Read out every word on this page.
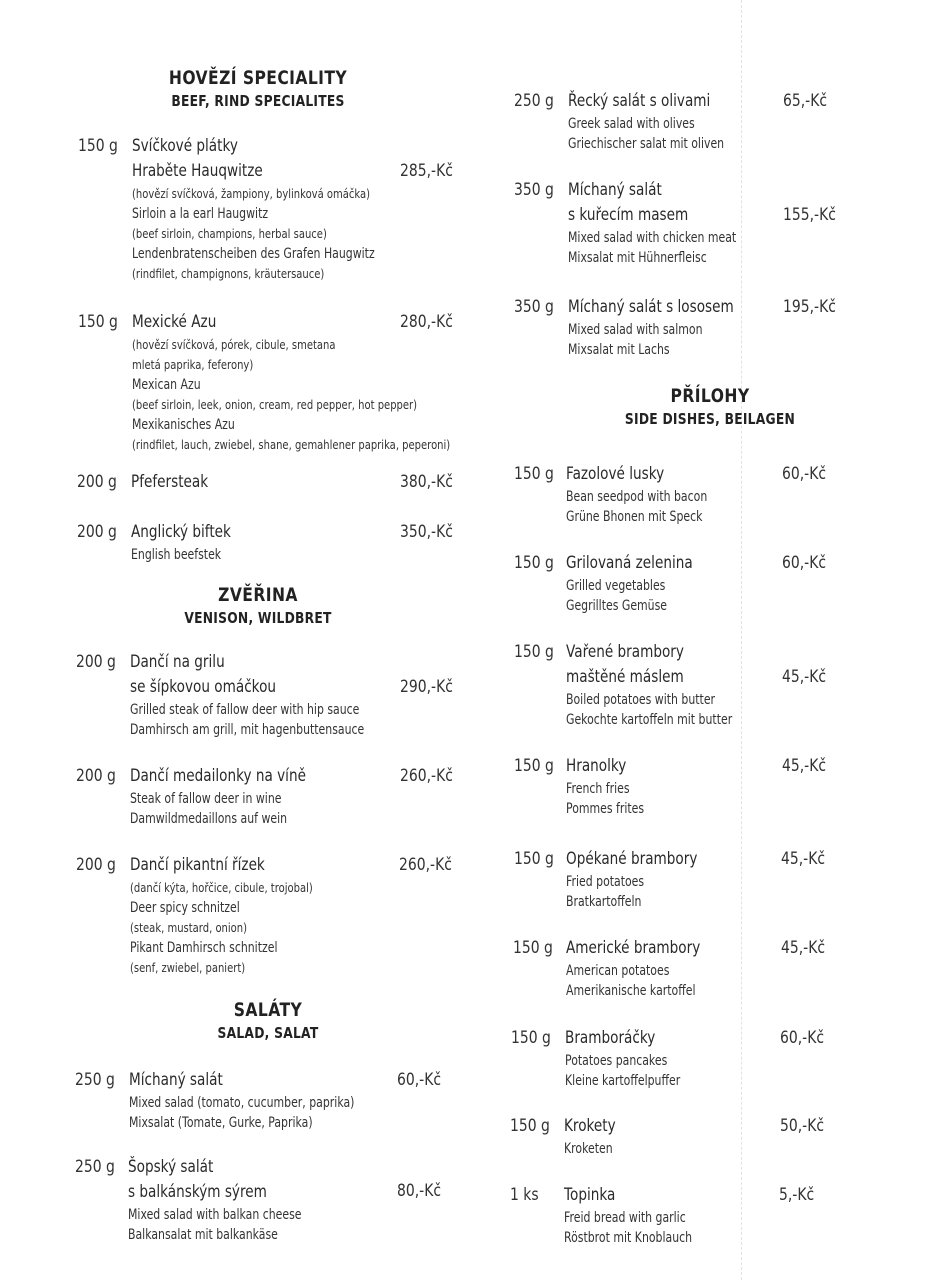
HOVĚZÍ SPECIALITY
BEEF, RIND SPECIALITES
150 g Svíčkové plátky
Hraběte Hauqwitze
(hovězí svíčková, žampiony, bylinková omáčka)
Sirloin a la earl Haugwitz
(beef sirloin, champions, herbal sauce)
Lendenbratenscheiben des Grafen Haugwitz
(rindfilet, champignons, kräutersauce)
285,-Kč
150 g Mexické Azu
(hovězí svíčková, pórek, cibule, smetana
mletá paprika, feferony)
Mexican Azu
(beef sirloin, leek, onion, cream, red pepper, hot pepper)
Mexikanisches Azu
(rindfilet, lauch, zwiebel, shane, gemahlener paprika, peperoni)
280,-Kč
200 g Pfefersteak	380,-Kč
200 g Anglický biftek
English beefstek
350,-Kč
ZVĚŘINA
VENISON, WILDBRET
200 g Dančí na grilu
se šípkovou omáčkou
Grilled steak of fallow deer with hip sauce
Damhirsch am grill, mit hagenbuttensauce
290,-Kč
200 g Dančí medailonky na víně
Steak of fallow deer in wine
Damwildmedaillons auf wein
260,-Kč
200 g Dančí pikantní řízek
(dančí kýta, hořčice, cibule, trojobal)
Deer spicy schnitzel
(steak, mustard, onion)
Pikant Damhirsch schnitzel
(senf, zwiebel, paniert)
260,-Kč
SALÁTY
SALAD, SALAT
250 g Míchaný salát
Mixed salad (tomato, cucumber, paprika)
Mixsalat (Tomate, Gurke, Paprika)
60,-Kč
250 g Šopský salát
s balkánským sýrem
Mixed salad with balkan cheese
Balkansalat mit balkankäse
80,-Kč
250 g Řecký salát s olivami
Greek salad with olives
Griechischer salat mit oliven
65,-Kč
350 g Míchaný salát
s kuřecím masem
Mixed salad with chicken meat
Mixsalat mit Hühnerfleisc
155,-Kč
350 g Míchaný salát s lososem
Mixed salad with salmon
Mixsalat mit Lachs
195,-Kč
PŘÍLOHY
SIDE DISHES, BEILAGEN
150 g Fazolové lusky
Bean seedpod with bacon
Grüne Bhonen mit Speck
60,-Kč
150 g Grilovaná zelenina
Grilled vegetables
Gegrilltes Gemüse
60,-Kč
150 g Vařené brambory
maštěné máslem
Boiled potatoes with butter
Gekochte kartoffeln mit butter
45,-Kč
150 g Hranolky
French fries
Pommes frites
45,-Kč
150 g Opékané brambory
Fried potatoes
Bratkartoffeln
45,-Kč
150 g Americké brambory
American potatoes
Amerikanische kartoffel
45,-Kč
150 g Bramboráčky
Potatoes pancakes
Kleine kartoffelpuffer
60,-Kč
150 g Krokety
Kroketen
50,-Kč
1 ks Topinka
Freid bread with garlic
Röstbrot mit Knoblauch
5,-Kč
